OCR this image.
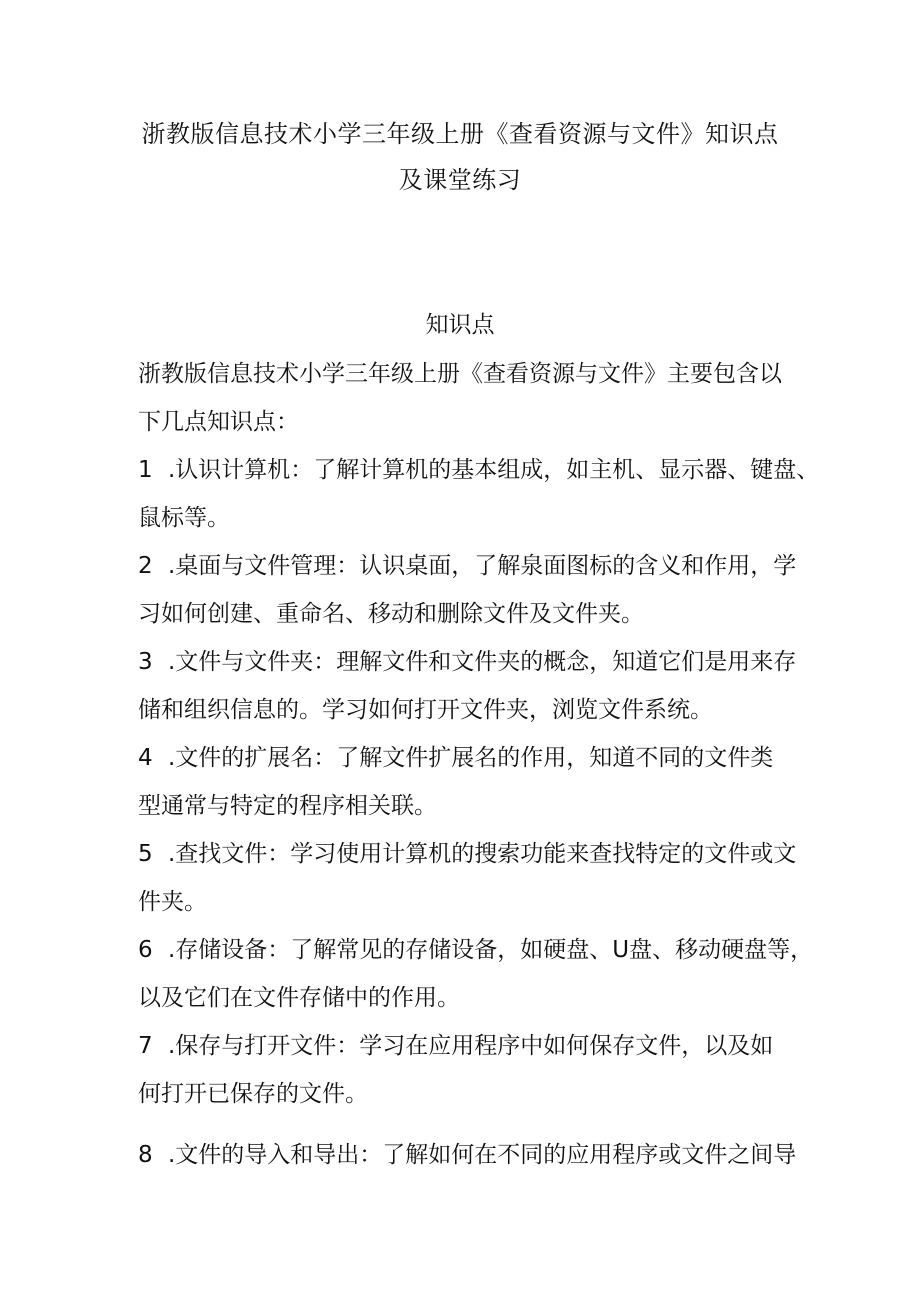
浙教版信息技术小学三年级上册《查看资源与文件》知识点
及课堂练习
知识点
浙教版信息技术小学三年级上册《查看资源与文件》主要包含以
下几点知识点：
1 .认识计算机：了解计算机的基本组成，如主机、显示器、键盘、
鼠标等。
2 .桌面与文件管理：认识桌面，了解泉面图标的含义和作用，学
习如何创建、重命名、移动和删除文件及文件夹。
3 .文件与文件夹：理解文件和文件夹的概念，知道它们是用来存
储和组织信息的。学习如何打开文件夹，浏览文件系统。
4 .文件的扩展名：了解文件扩展名的作用，知道不同的文件类
型通常与特定的程序相关联。
5 .查找文件：学习使用计算机的搜索功能来查找特定的文件或文
件夹。
6 .存储设备：了解常见的存储设备，如硬盘、U盘、移动硬盘等，
以及它们在文件存储中的作用。
7 .保存与打开文件：学习在应用程序中如何保存文件，以及如
何打开已保存的文件。
8 .文件的导入和导出：了解如何在不同的应用程序或文件之间导
